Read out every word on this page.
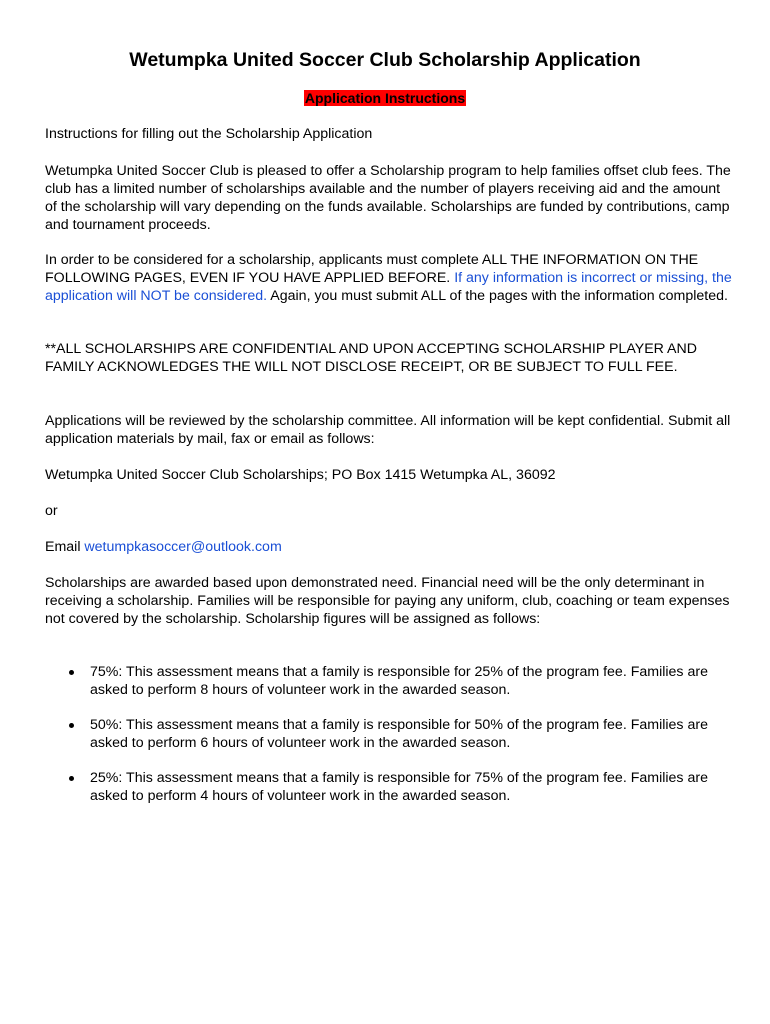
Wetumpka United Soccer Club Scholarship Application
Application Instructions

Instructions for filling out the Scholarship Application

Wetumpka United Soccer Club is pleased to offer a Scholarship program to help families offset club fees. The club has a limited number of scholarships available and the number of players receiving aid and the amount of the scholarship will vary depending on the funds available. Scholarships are funded by contributions, camp and tournament proceeds.

In order to be considered for a scholarship, applicants must complete ALL THE INFORMATION ON THE FOLLOWING PAGES, EVEN IF YOU HAVE APPLIED BEFORE. If any information is incorrect or missing, the application will NOT be considered. Again, you must submit ALL of the pages with the information completed.

**ALL SCHOLARSHIPS ARE CONFIDENTIAL AND UPON ACCEPTING SCHOLARSHIP PLAYER AND FAMILY ACKNOWLEDGES THE WILL NOT DISCLOSE RECEIPT, OR BE SUBJECT TO FULL FEE.

Applications will be reviewed by the scholarship committee. All information will be kept confidential. Submit all application materials by mail, fax or email as follows:

Wetumpka United Soccer Club Scholarships; PO Box 1415 Wetumpka AL, 36092

or

Email wetumpkasoccer@outlook.com

Scholarships are awarded based upon demonstrated need. Financial need will be the only determinant in receiving a scholarship. Families will be responsible for paying any uniform, club, coaching or team expenses not covered by the scholarship. Scholarship figures will be assigned as follows:

75%: This assessment means that a family is responsible for 25% of the program fee. Families are asked to perform 8 hours of volunteer work in the awarded season.
50%: This assessment means that a family is responsible for 50% of the program fee. Families are asked to perform 6 hours of volunteer work in the awarded season.
25%: This assessment means that a family is responsible for 75% of the program fee. Families are asked to perform 4 hours of volunteer work in the awarded season.
